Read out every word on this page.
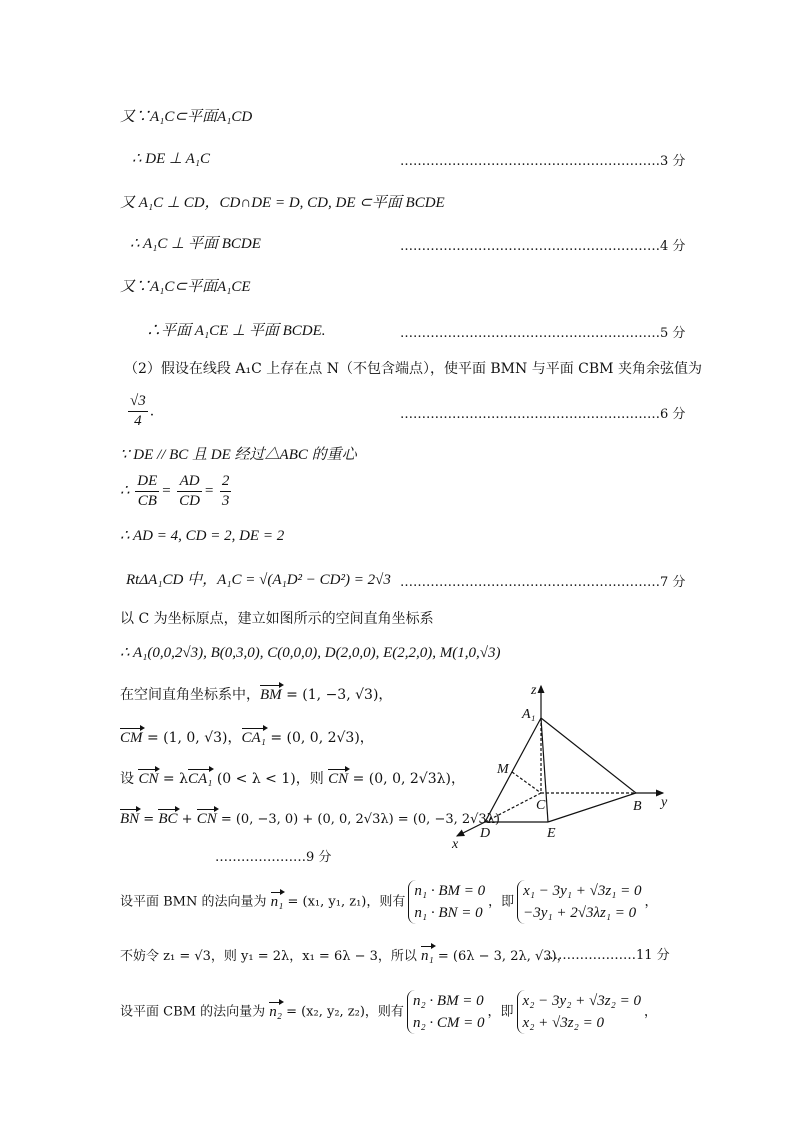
又∵A₁C⊂平面A₁CD
∴ DE ⊥ A₁C	……………………………………………………3 分
又 A₁C ⊥ CD，CD∩DE = D, CD, DE ⊂平面 BCDE
∴ A₁C ⊥ 平面 BCDE	……………………………………………………4 分
又∵A₁C⊂平面A₁CE
∴平面 A₁CE ⊥ 平面 BCDE.	……………………………………………………5 分
（2）假设在线段 A₁C 上存在点 N（不包含端点），使平面 BMN 与平面 CBM 夹角余弦值为
$\frac{√3}{4}$ .	……………………………………………………6 分
∵ DE // BC 且 DE 经过△ABC 的重心
∴ $\frac{DE}{CB} = \frac{AD}{CD} = \frac{2}{3}$
∴ AD = 4, CD = 2, DE = 2
RtΔA₁CD 中，A₁C = √(A₁D² − CD²) = 2√3 ……………………………………………………7 分
以 C 为坐标原点，建立如图所示的空间直角坐标系
∴ A₁(0,0,2√3), B(0,3,0), C(0,0,0), D(2,0,0), E(2,2,0), M(1,0,√3)
在空间直角坐标系中，BM = (1, −3, √3)，
CM = (1, 0, √3)，CA₁ = (0, 0, 2√3)，
设 CN = λCA₁ (0 < λ < 1)，则 CN = (0, 0, 2√3λ)，
BN = BC + CN = (0, −3, 0) + (0, 0, 2√3λ) = (0, −3, 2√3λ)
…………………9 分
z
A₁
M
C	B y
D	E
x
设平面 BMN 的法向量为 n₁ = (x₁, y₁, z₁)，则有
n₁ · BM = 0
n₁ · BN = 0
，即
x₁ − 3y₁ + √3z₁ = 0
−3y₁ + 2√3λz₁ = 0
，
不妨令 z₁ = √3，则 y₁ = 2λ，x₁ = 6λ − 3，所以 n₁ = (6λ − 3, 2λ, √3)，
…………………11 分
设平面 CBM 的法向量为 n₂ = (x₂, y₂, z₂)，则有
n₂ · BM = 0
n₂ · CM = 0
，即
x₂ − 3y₂ + √3z₂ = 0
x₂ + √3z₂ = 0
，
